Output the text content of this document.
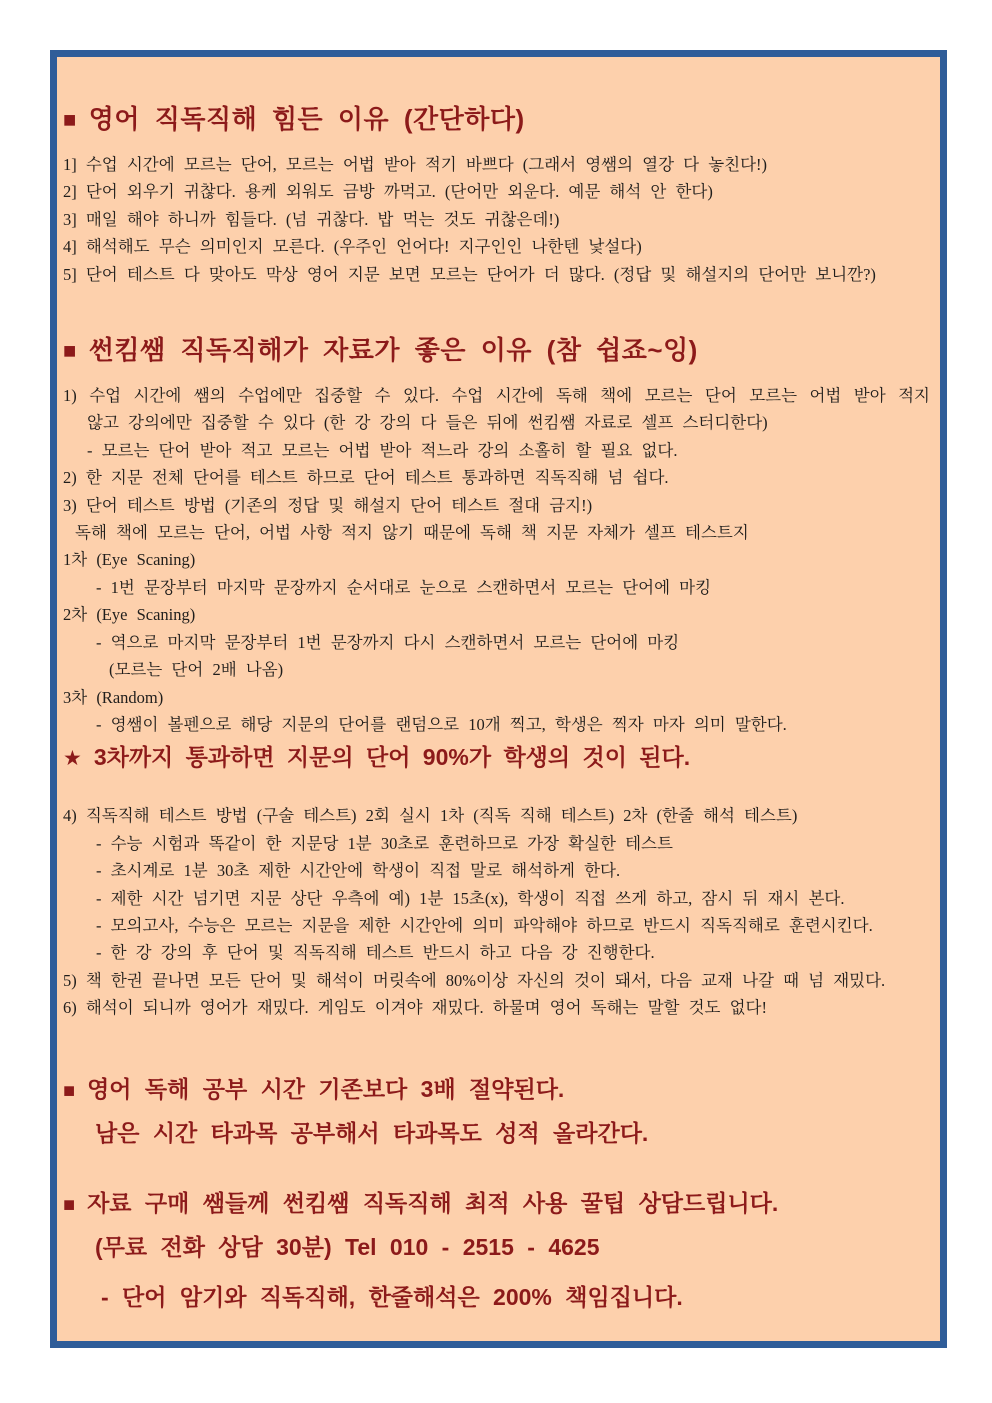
■ 영어 직독직해 힘든 이유 (간단하다)
1] 수업 시간에 모르는 단어, 모르는 어법 받아 적기 바쁘다 (그래서 영쌤의 열강 다 놓친다!)
2] 단어 외우기 귀찮다. 용케 외워도 금방 까먹고. (단어만 외운다. 예문 해석 안 한다)
3] 매일 해야 하니까 힘들다. (넘 귀찮다. 밥 먹는 것도 귀찮은데!)
4] 해석해도 무슨 의미인지 모른다. (우주인 언어다! 지구인인 나한텐 낯설다)
5] 단어 테스트 다 맞아도 막상 영어 지문 보면 모르는 단어가 더 많다. (정답 및 해설지의 단어만 보니깐?)
■ 썬킴쌤 직독직해가 자료가 좋은 이유 (참 쉽죠~잉)
1) 수업 시간에 쌤의 수업에만 집중할 수 있다. 수업 시간에 독해 책에 모르는 단어 모르는 어법 받아 적지
않고 강의에만 집중할 수 있다 (한 강 강의 다 들은 뒤에 썬킴쌤 자료로 셀프 스터디한다)
- 모르는 단어 받아 적고 모르는 어법 받아 적느라 강의 소홀히 할 필요 없다.
2) 한 지문 전체 단어를 테스트 하므로 단어 테스트 통과하면 직독직해 넘 쉽다.
3) 단어 테스트 방법 (기존의 정답 및 해설지 단어 테스트 절대 금지!)
독해 책에 모르는 단어, 어법 사항 적지 않기 때문에 독해 책 지문 자체가 셀프 테스트지
1차 (Eye Scaning)
- 1번 문장부터 마지막 문장까지 순서대로 눈으로 스캔하면서 모르는 단어에 마킹
2차 (Eye Scaning)
- 역으로 마지막 문장부터 1번 문장까지 다시 스캔하면서 모르는 단어에 마킹
(모르는 단어 2배 나옴)
3차 (Random)
- 영쌤이 볼펜으로 해당 지문의 단어를 랜덤으로 10개 찍고, 학생은 찍자 마자 의미 말한다.
★ 3차까지 통과하면 지문의 단어 90%가 학생의 것이 된다.
4) 직독직해 테스트 방법 (구술 테스트) 2회 실시 1차 (직독 직해 테스트) 2차 (한줄 해석 테스트)
- 수능 시험과 똑같이 한 지문당 1분 30초로 훈련하므로 가장 확실한 테스트
- 초시계로 1분 30초 제한 시간안에 학생이 직접 말로 해석하게 한다.
- 제한 시간 넘기면 지문 상단 우측에 예) 1분 15초(x), 학생이 직접 쓰게 하고, 잠시 뒤 재시 본다.
- 모의고사, 수능은 모르는 지문을 제한 시간안에 의미 파악해야 하므로 반드시 직독직해로 훈련시킨다.
- 한 강 강의 후 단어 및 직독직해 테스트 반드시 하고 다음 강 진행한다.
5) 책 한권 끝나면 모든 단어 및 해석이 머릿속에 80%이상 자신의 것이 돼서, 다음 교재 나갈 때 넘 재밌다.
6) 해석이 되니까 영어가 재밌다. 게임도 이겨야 재밌다. 하물며 영어 독해는 말할 것도 없다!
■ 영어 독해 공부 시간 기존보다 3배 절약된다.
남은 시간 타과목 공부해서 타과목도 성적 올라간다.
■ 자료 구매 쌤들께 썬킴쌤 직독직해 최적 사용 꿀팁 상담드립니다.
(무료 전화 상담 30분) Tel 010 - 2515 - 4625
- 단어 암기와 직독직해, 한줄해석은 200% 책임집니다.
